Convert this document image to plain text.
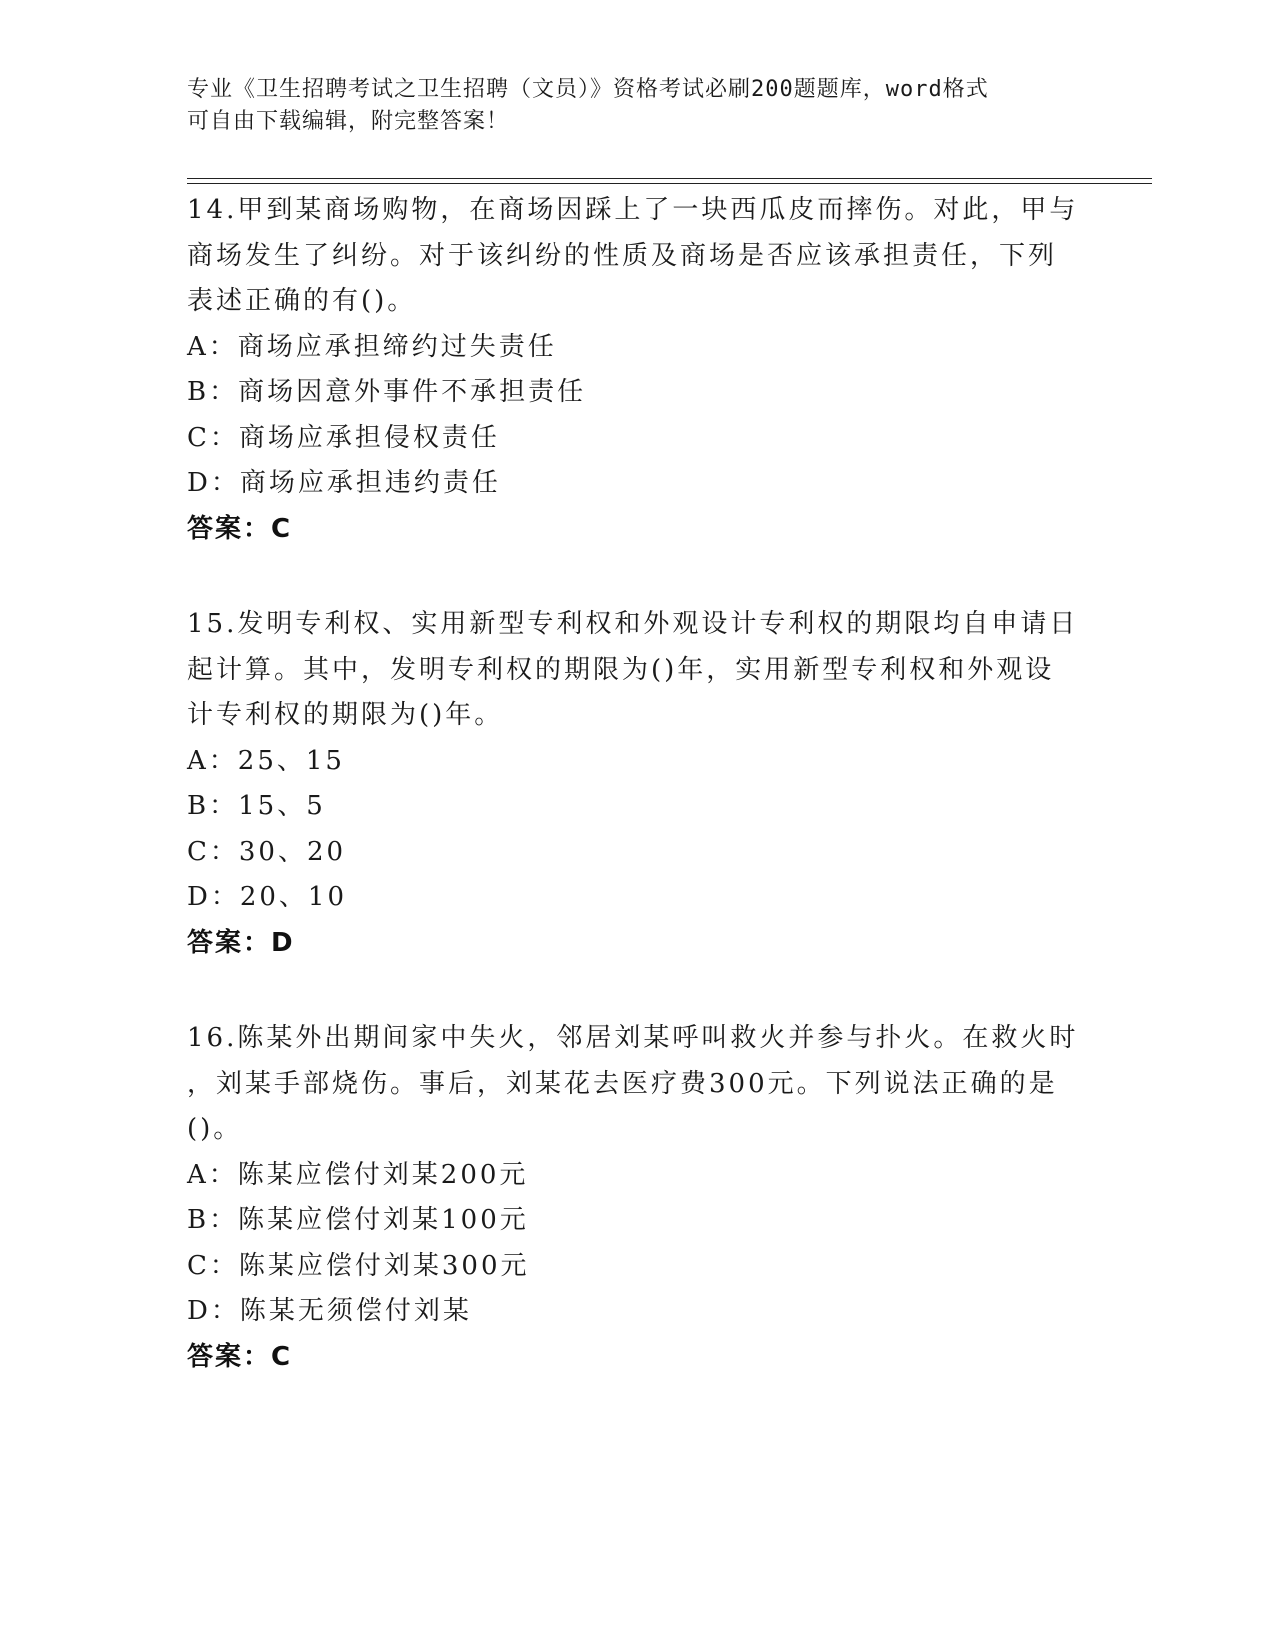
专业《卫生招聘考试之卫生招聘（文员）》资格考试必刷200题题库，word格式
可自由下载编辑，附完整答案！
14.甲到某商场购物，在商场因踩上了一块西瓜皮而摔伤。对此，甲与
商场发生了纠纷。对于该纠纷的性质及商场是否应该承担责任，下列
表述正确的有()。
A：商场应承担缔约过失责任
B：商场因意外事件不承担责任
C：商场应承担侵权责任
D：商场应承担违约责任
答案：C
15.发明专利权、实用新型专利权和外观设计专利权的期限均自申请日
起计算。其中，发明专利权的期限为()年，实用新型专利权和外观设
计专利权的期限为()年。
A：25、15
B：15、5
C：30、20
D：20、10
答案：D
16.陈某外出期间家中失火，邻居刘某呼叫救火并参与扑火。在救火时
，刘某手部烧伤。事后，刘某花去医疗费300元。下列说法正确的是
()。
A：陈某应偿付刘某200元
B：陈某应偿付刘某100元
C：陈某应偿付刘某300元
D：陈某无须偿付刘某
答案：C
